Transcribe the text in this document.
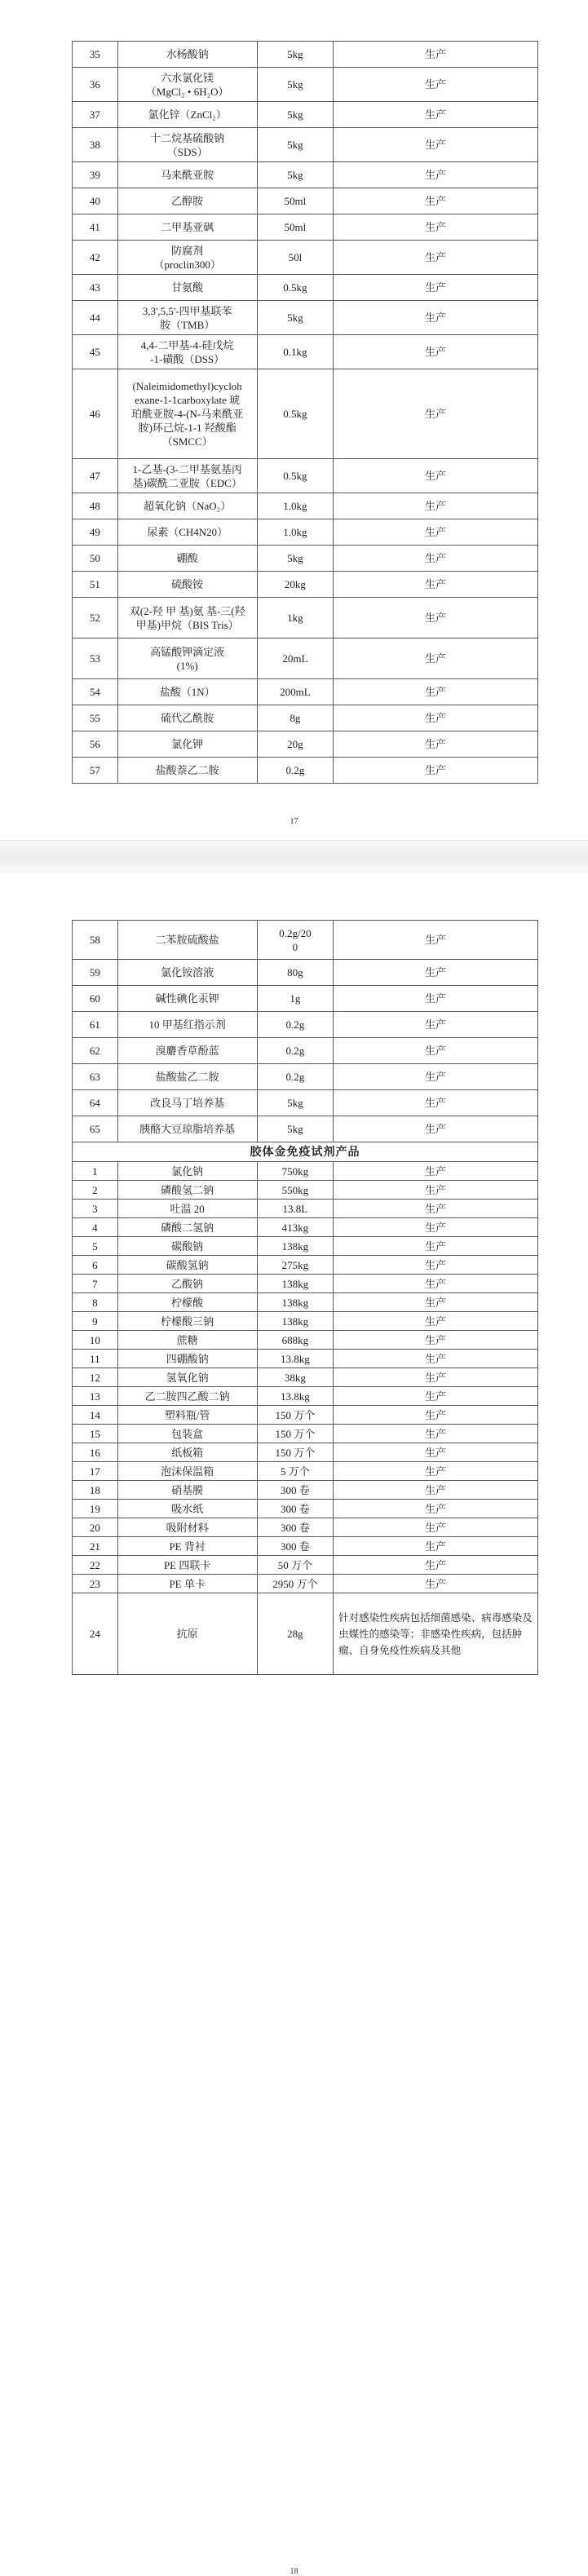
35	水杨酸钠	5kg	生产
36	六水氯化镁
（MgCl₂ • 6H₂O）	5kg	生产
37	氯化锌（ZnCl₂）	5kg	生产
38	十二烷基硫酸钠
（SDS）	5kg	生产
39	马来酰亚胺	5kg	生产
40	乙醇胺	50ml	生产
41	二甲基亚砜	50ml	生产
42	防腐剂
（proclin300）	50l	生产
43	甘氨酸	0.5kg	生产
44	3,3',5,5'-四甲基联苯
胺（TMB）	5kg	生产
45	4,4-二甲基-4-硅戊烷
-1-磺酸（DSS）	0.1kg	生产
46	(Naleimidomethyl)cycloh
exane-1-1carboxylate 琥
珀酰亚胺-4-(N-马来酰亚
胺)环己烷-1-1 羟酸酯
（SMCC）	0.5kg	生产
47	1-乙基-(3-二甲基氨基丙
基)碳酰二亚胺（EDC）	0.5kg	生产
48	超氧化钠（NaO₂）	1.0kg	生产
49	尿素（CH4N20）	1.0kg	生产
50	硼酸	5kg	生产
51	硫酸铵	20kg	生产
52	双(2-羟 甲 基)氨 基-三(羟
甲基)甲烷（BIS Tris）	1kg	生产
53	高锰酸钾滴定液
(1%)	20mL	生产
54	盐酸（1N）	200mL	生产
55	硫代乙酰胺	8g	生产
56	氯化钾	20g	生产
57	盐酸萘乙二胺	0.2g	生产
17
58	二苯胺硫酸盐	0.2g/20
0	生产
59	氯化铵溶液	80g	生产
60	碱性碘化汞钾	1g	生产
61	10 甲基红指示剂	0.2g	生产
62	溴麝香草酚蓝	0.2g	生产
63	盐酸盐乙二胺	0.2g	生产
64	改良马丁培养基	5kg	生产
65	胰酪大豆琼脂培养基	5kg	生产
胶体金免疫试剂产品			
1	氯化钠	750kg	生产
2	磷酸氢二钠	550kg	生产
3	吐温 20	13.8L	生产
4	磷酸二氢钠	413kg	生产
5	碳酸钠	138kg	生产
6	碳酸氢钠	275kg	生产
7	乙酸钠	138kg	生产
8	柠檬酸	138kg	生产
9	柠檬酸三钠	138kg	生产
10	蔗糖	688kg	生产
11	四硼酸钠	13.8kg	生产
12	氢氧化钠	38kg	生产
13	乙二胺四乙酸二钠	13.8kg	生产
14	塑料瓶/管	150 万个	生产
15	包装盒	150 万个	生产
16	纸板箱	150 万个	生产
17	泡沫保温箱	5 万个	生产
18	硝基膜	300 卷	生产
19	吸水纸	300 卷	生产
20	吸附材料	300 卷	生产
21	PE 背衬	300 卷	生产
22	PE 四联卡	50 万个	生产
23	PE 单卡	2950 万个	生产
24	抗原	28g	针对感染性疾病包括细菌感染、病毒感染及虫媒性的感染等；非感染性疾病，包括肿瘤、自身免疫性疾病及其他
18
